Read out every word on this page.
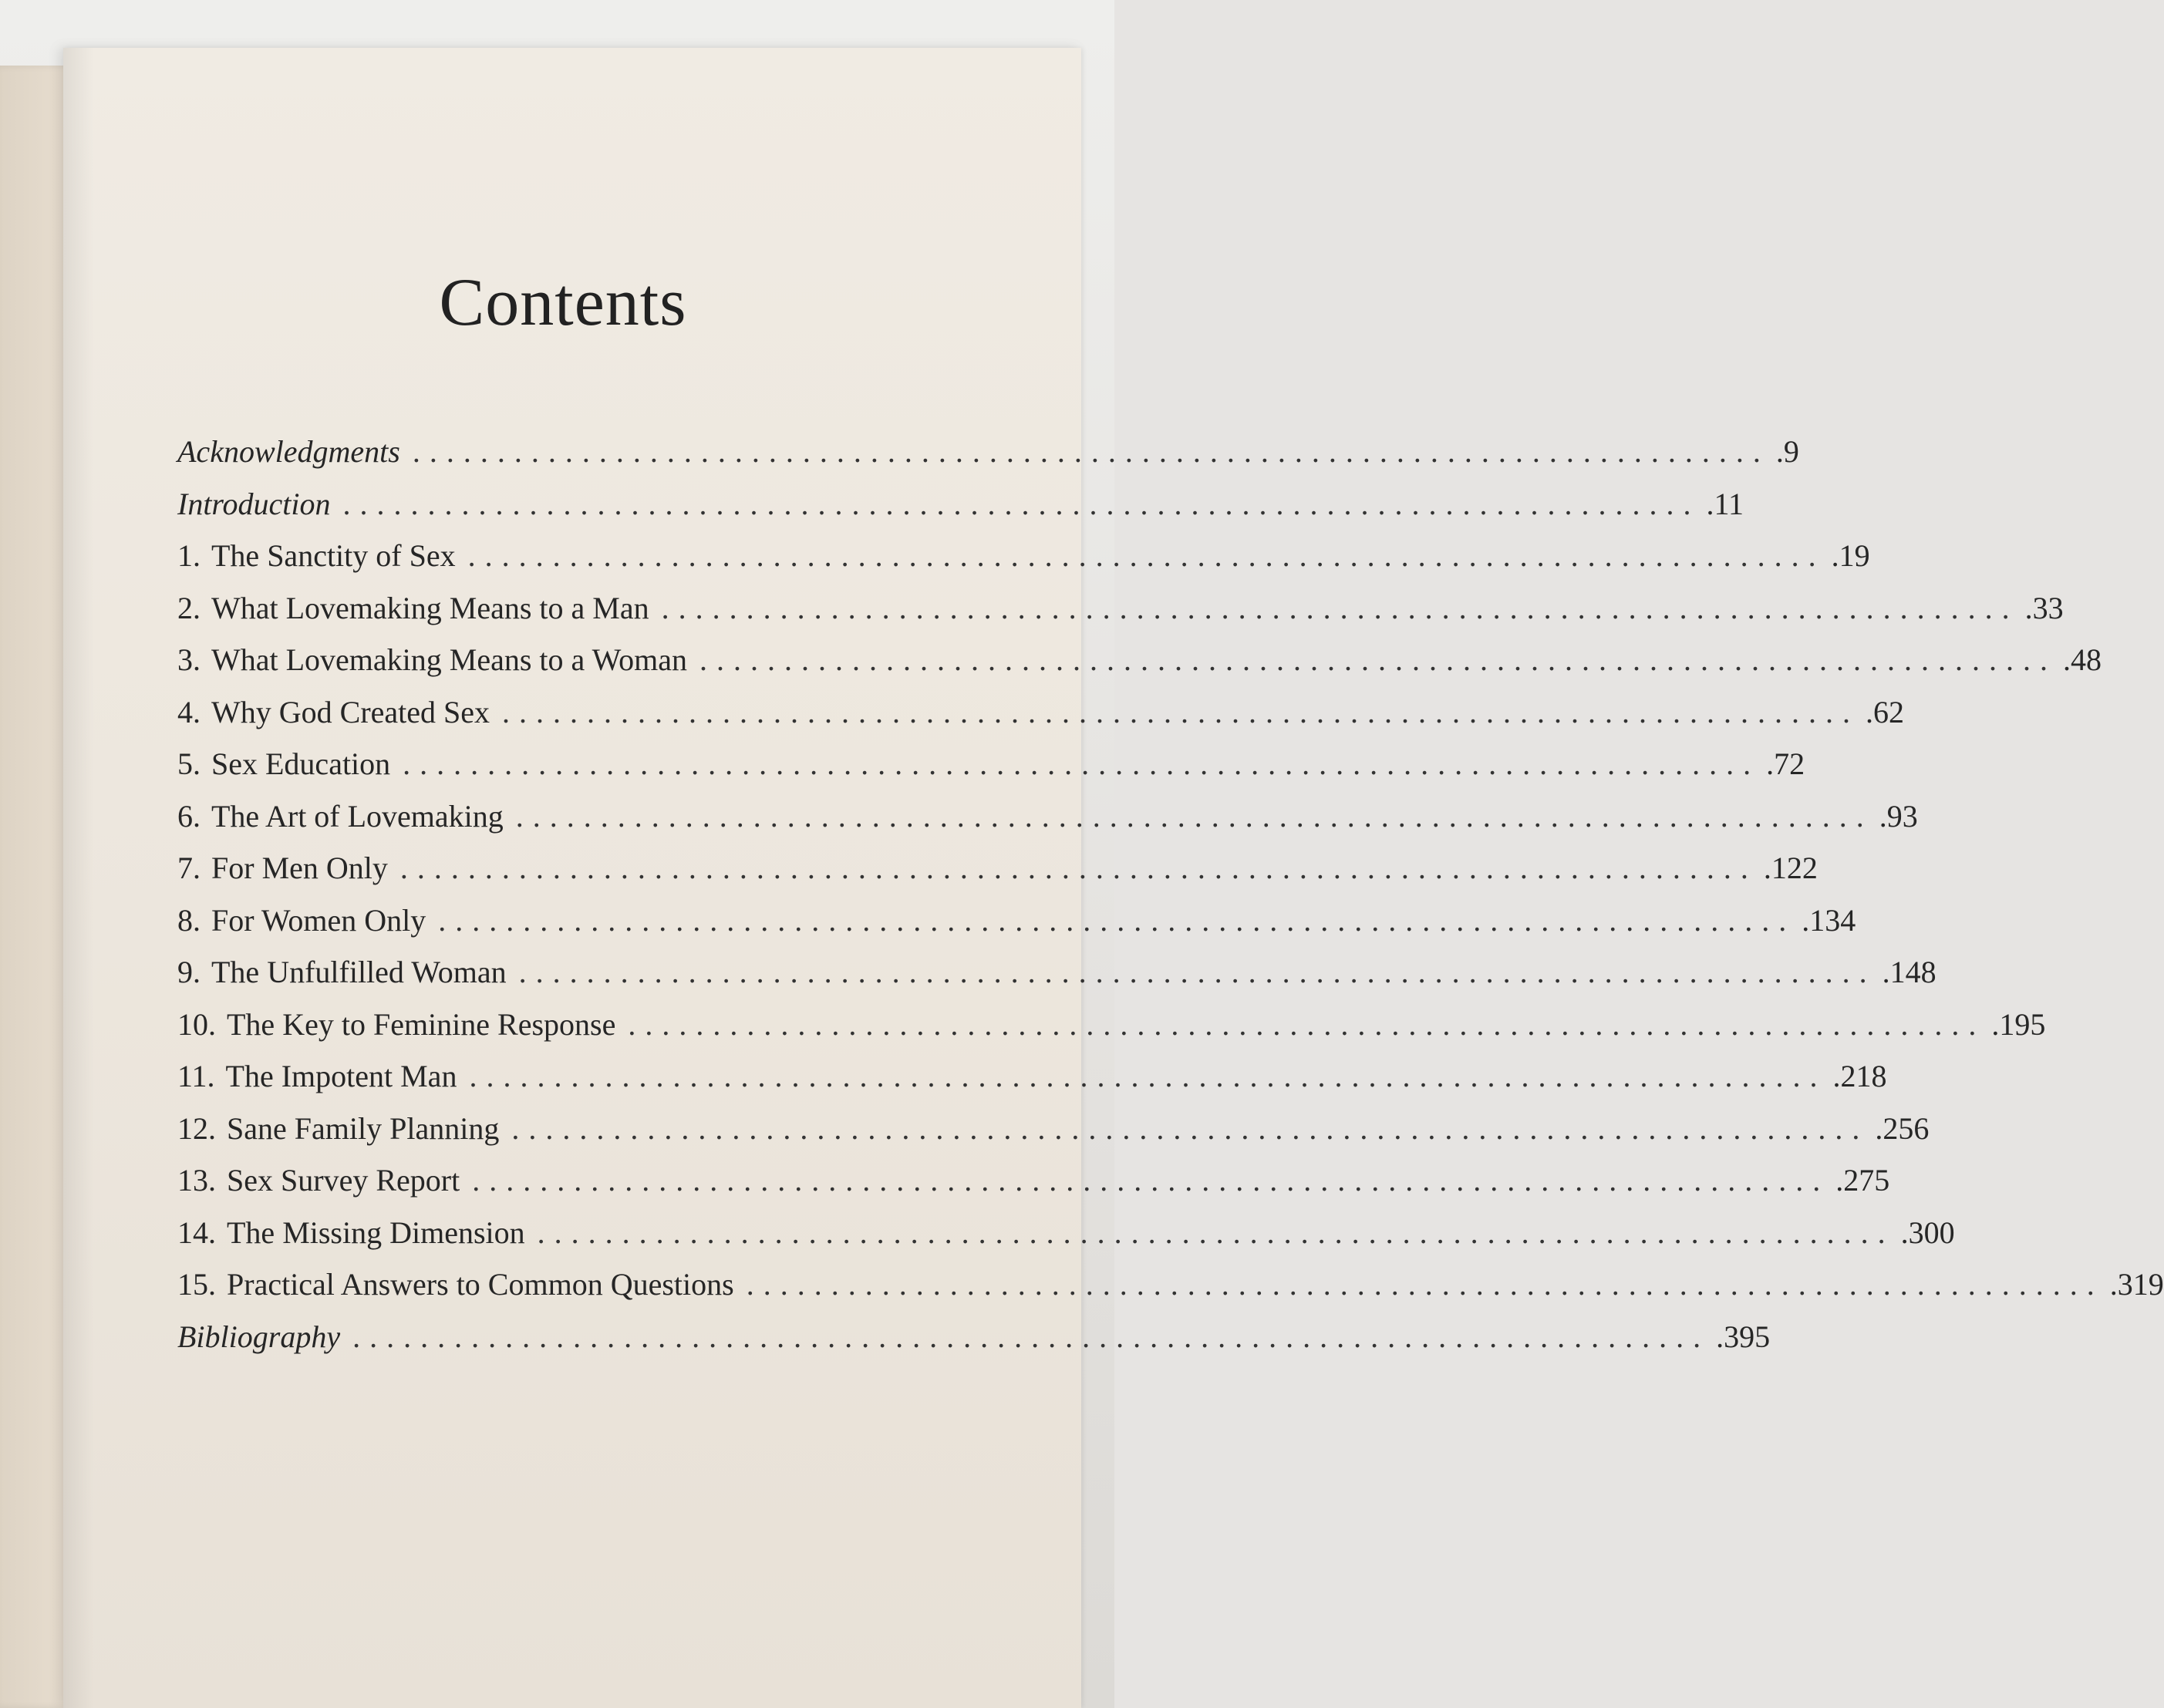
Contents
Acknowledgments ................................................................................ .9
Introduction ................................................................................ .11
1. The Sanctity of Sex ................................................................................ .19
2. What Lovemaking Means to a Man ................................................................................ .33
3. What Lovemaking Means to a Woman ................................................................................ .48
4. Why God Created Sex ................................................................................ .62
5. Sex Education ................................................................................ .72
6. The Art of Lovemaking ................................................................................ .93
7. For Men Only ................................................................................ .122
8. For Women Only ................................................................................ .134
9. The Unfulfilled Woman ................................................................................ .148
10. The Key to Feminine Response ................................................................................ .195
11. The Impotent Man ................................................................................ .218
12. Sane Family Planning ................................................................................ .256
13. Sex Survey Report ................................................................................ .275
14. The Missing Dimension ................................................................................ .300
15. Practical Answers to Common Questions ................................................................................ .319
Bibliography ................................................................................ .395
